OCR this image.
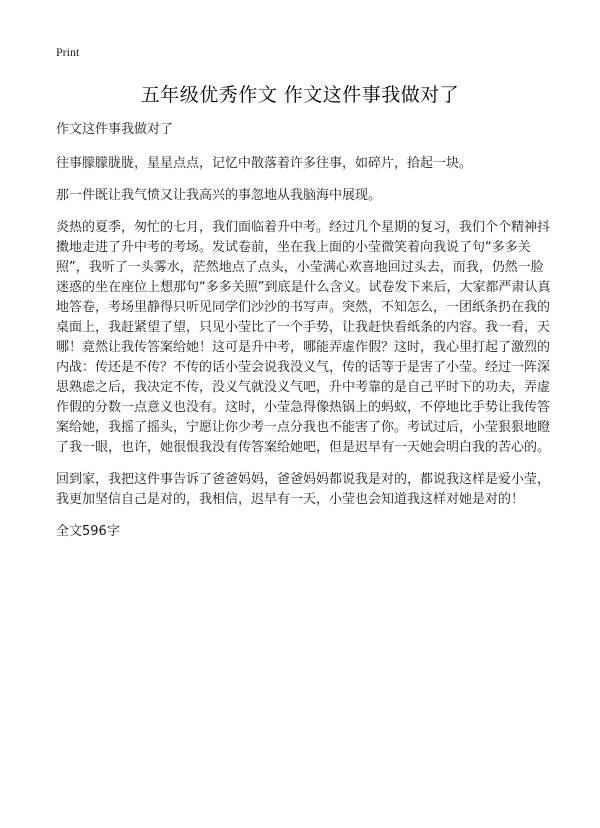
Print
五年级优秀作文 作文这件事我做对了

作文这件事我做对了

往事朦朦胧胧，星星点点，记忆中散落着许多往事，如碎片，拾起一块。

那一件既让我气愤又让我高兴的事忽地从我脑海中展现。

炎热的夏季，匆忙的七月，我们面临着升中考。经过几个星期的复习，我们个个精神抖擞地走进了升中考的考场。发试卷前，坐在我上面的小莹微笑着向我说了句“多多关照”，我听了一头雾水，茫然地点了点头，小莹满心欢喜地回过头去，而我，仍然一脸迷惑的坐在座位上想那句“多多关照”到底是什么含义。试卷发下来后，大家都严肃认真地答卷，考场里静得只听见同学们沙沙的书写声。突然，不知怎么，一团纸条扔在我的桌面上，我赶紧望了望，只见小莹比了一个手势，让我赶快看纸条的内容。我一看，天哪！竟然让我传答案给她！这可是升中考，哪能弄虚作假？这时，我心里打起了激烈的内战：传还是不传？不传的话小莹会说我没义气，传的话等于是害了小莹。经过一阵深思熟虑之后，我决定不传，没义气就没义气吧，升中考靠的是自己平时下的功夫，弄虚作假的分数一点意义也没有。这时，小莹急得像热锅上的蚂蚁，不停地比手势让我传答案给她，我摇了摇头，宁愿让你少考一点分我也不能害了你。考试过后，小莹狠狠地瞪了我一眼，也许，她很恨我没有传答案给她吧，但是迟早有一天她会明白我的苦心的。

回到家，我把这件事告诉了爸爸妈妈，爸爸妈妈都说我是对的，都说我这样是爱小莹，我更加坚信自己是对的，我相信，迟早有一天，小莹也会知道我这样对她是对的！

全文596字
